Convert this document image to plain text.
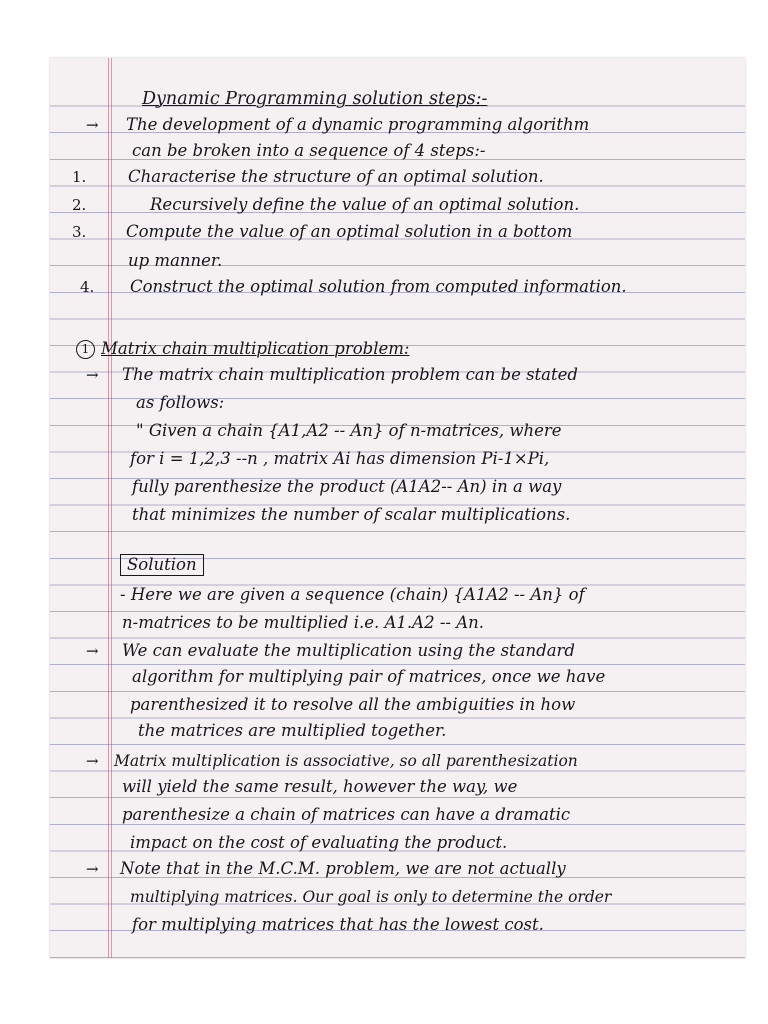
Dynamic Programming solution steps:-
→ The development of a dynamic programming algorithm
can be broken into a sequence of 4 steps:-
1.	Characterise the structure of an optimal solution.
2.	Recursively define the value of an optimal solution.
3. Compute the value of an optimal solution in a bottom
up manner.
4. Construct the optimal solution from computed information.
1 Matrix chain multiplication problem:
→ The matrix chain multiplication problem can be stated
as follows:
" Given a chain {A1,A2 -- An} of n-matrices, where
for i = 1,2,3 --n , matrix Ai has dimension Pi-1×Pi,
fully parenthesize the product (A1A2-- An) in a way
that minimizes the number of scalar multiplications.
Solution
- Here we are given a sequence (chain) {A1A2 -- An} of
n-matrices to be multiplied i.e. A1.A2 -- An.
→ We can evaluate the multiplication using the standard
algorithm for multiplying pair of matrices, once we have
parenthesized it to resolve all the ambiguities in how
the matrices are multiplied together.
→ Matrix multiplication is associative, so all parenthesization
will yield the same result, however the way, we
parenthesize a chain of matrices can have a dramatic
impact on the cost of evaluating the product.
→ Note that in the M.C.M. problem, we are not actually
multiplying matrices. Our goal is only to determine the order
for multiplying matrices that has the lowest cost.
